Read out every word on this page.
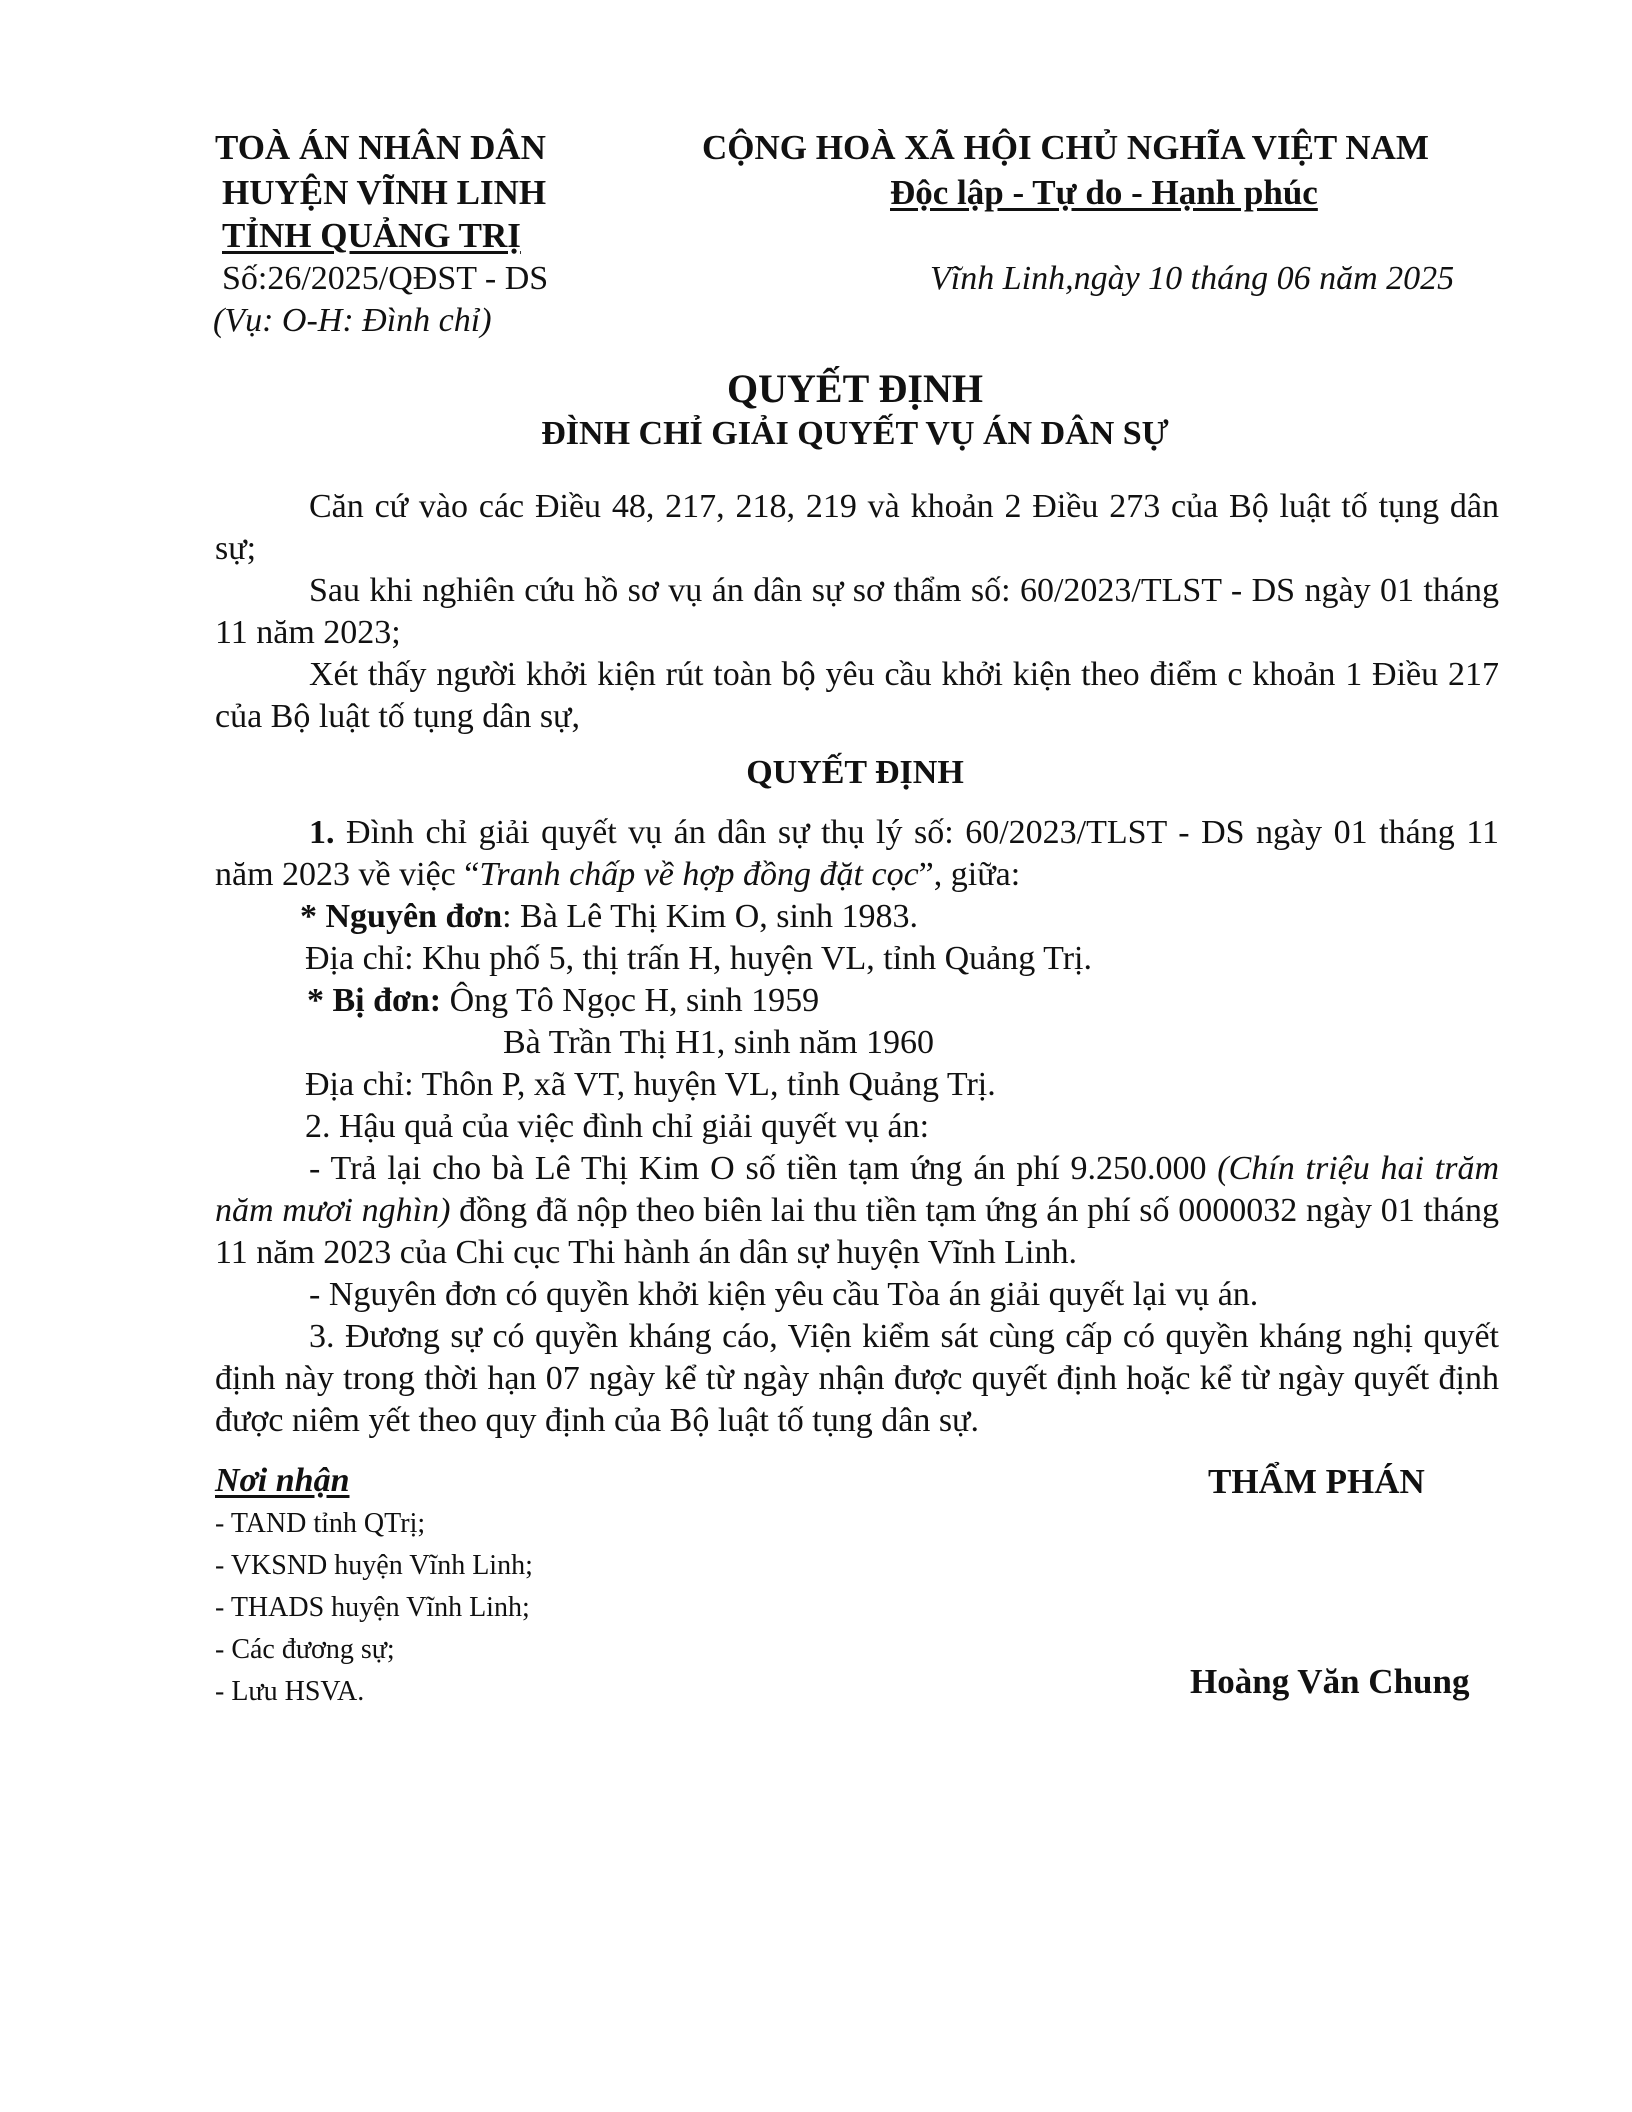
TOÀ ÁN NHÂN DÂN
HUYỆN VĨNH LINH
TỈNH QUẢNG TRỊ
Số:26/2025/QĐST - DS
(Vụ: O-H: Đình chỉ)
CỘNG HOÀ XÃ HỘI CHỦ NGHĨA VIỆT NAM
Độc lập - Tự do - Hạnh phúc
Vĩnh Linh,ngày 10 tháng 06 năm 2025
QUYẾT ĐỊNH
ĐÌNH CHỈ GIẢI QUYẾT VỤ ÁN DÂN SỰ
Căn cứ vào các Điều 48, 217, 218, 219 và khoản 2 Điều 273 của Bộ luật tố tụng dân sự;
Sau khi nghiên cứu hồ sơ vụ án dân sự sơ thẩm số: 60/2023/TLST - DS ngày 01 tháng 11 năm 2023;
Xét thấy người khởi kiện rút toàn bộ yêu cầu khởi kiện theo điểm c khoản 1 Điều 217 của Bộ luật tố tụng dân sự,
QUYẾT ĐỊNH
1. Đình chỉ giải quyết vụ án dân sự thụ lý số: 60/2023/TLST - DS ngày 01 tháng 11 năm 2023 về việc “Tranh chấp về hợp đồng đặt cọc”, giữa:
* Nguyên đơn: Bà Lê Thị Kim O, sinh 1983.
Địa chỉ: Khu phố 5, thị trấn H, huyện VL, tỉnh Quảng Trị.
* Bị đơn: Ông Tô Ngọc H, sinh 1959
Bà Trần Thị H1, sinh năm 1960
Địa chỉ: Thôn P, xã VT, huyện VL, tỉnh Quảng Trị.
2. Hậu quả của việc đình chỉ giải quyết vụ án:
- Trả lại cho bà Lê Thị Kim O số tiền tạm ứng án phí 9.250.000 (Chín triệu hai trăm năm mươi nghìn) đồng đã nộp theo biên lai thu tiền tạm ứng án phí số 0000032 ngày 01 tháng 11 năm 2023 của Chi cục Thi hành án dân sự huyện Vĩnh Linh.
- Nguyên đơn có quyền khởi kiện yêu cầu Tòa án giải quyết lại vụ án.
3. Đương sự có quyền kháng cáo, Viện kiểm sát cùng cấp có quyền kháng nghị quyết định này trong thời hạn 07 ngày kể từ ngày nhận được quyết định hoặc kể từ ngày quyết định được niêm yết theo quy định của Bộ luật tố tụng dân sự.
Nơi nhận
- TAND tỉnh QTrị;
- VKSND huyện Vĩnh Linh;
- THADS huyện Vĩnh Linh;
- Các đương sự;
- Lưu HSVA.
THẨM PHÁN
Hoàng Văn Chung
